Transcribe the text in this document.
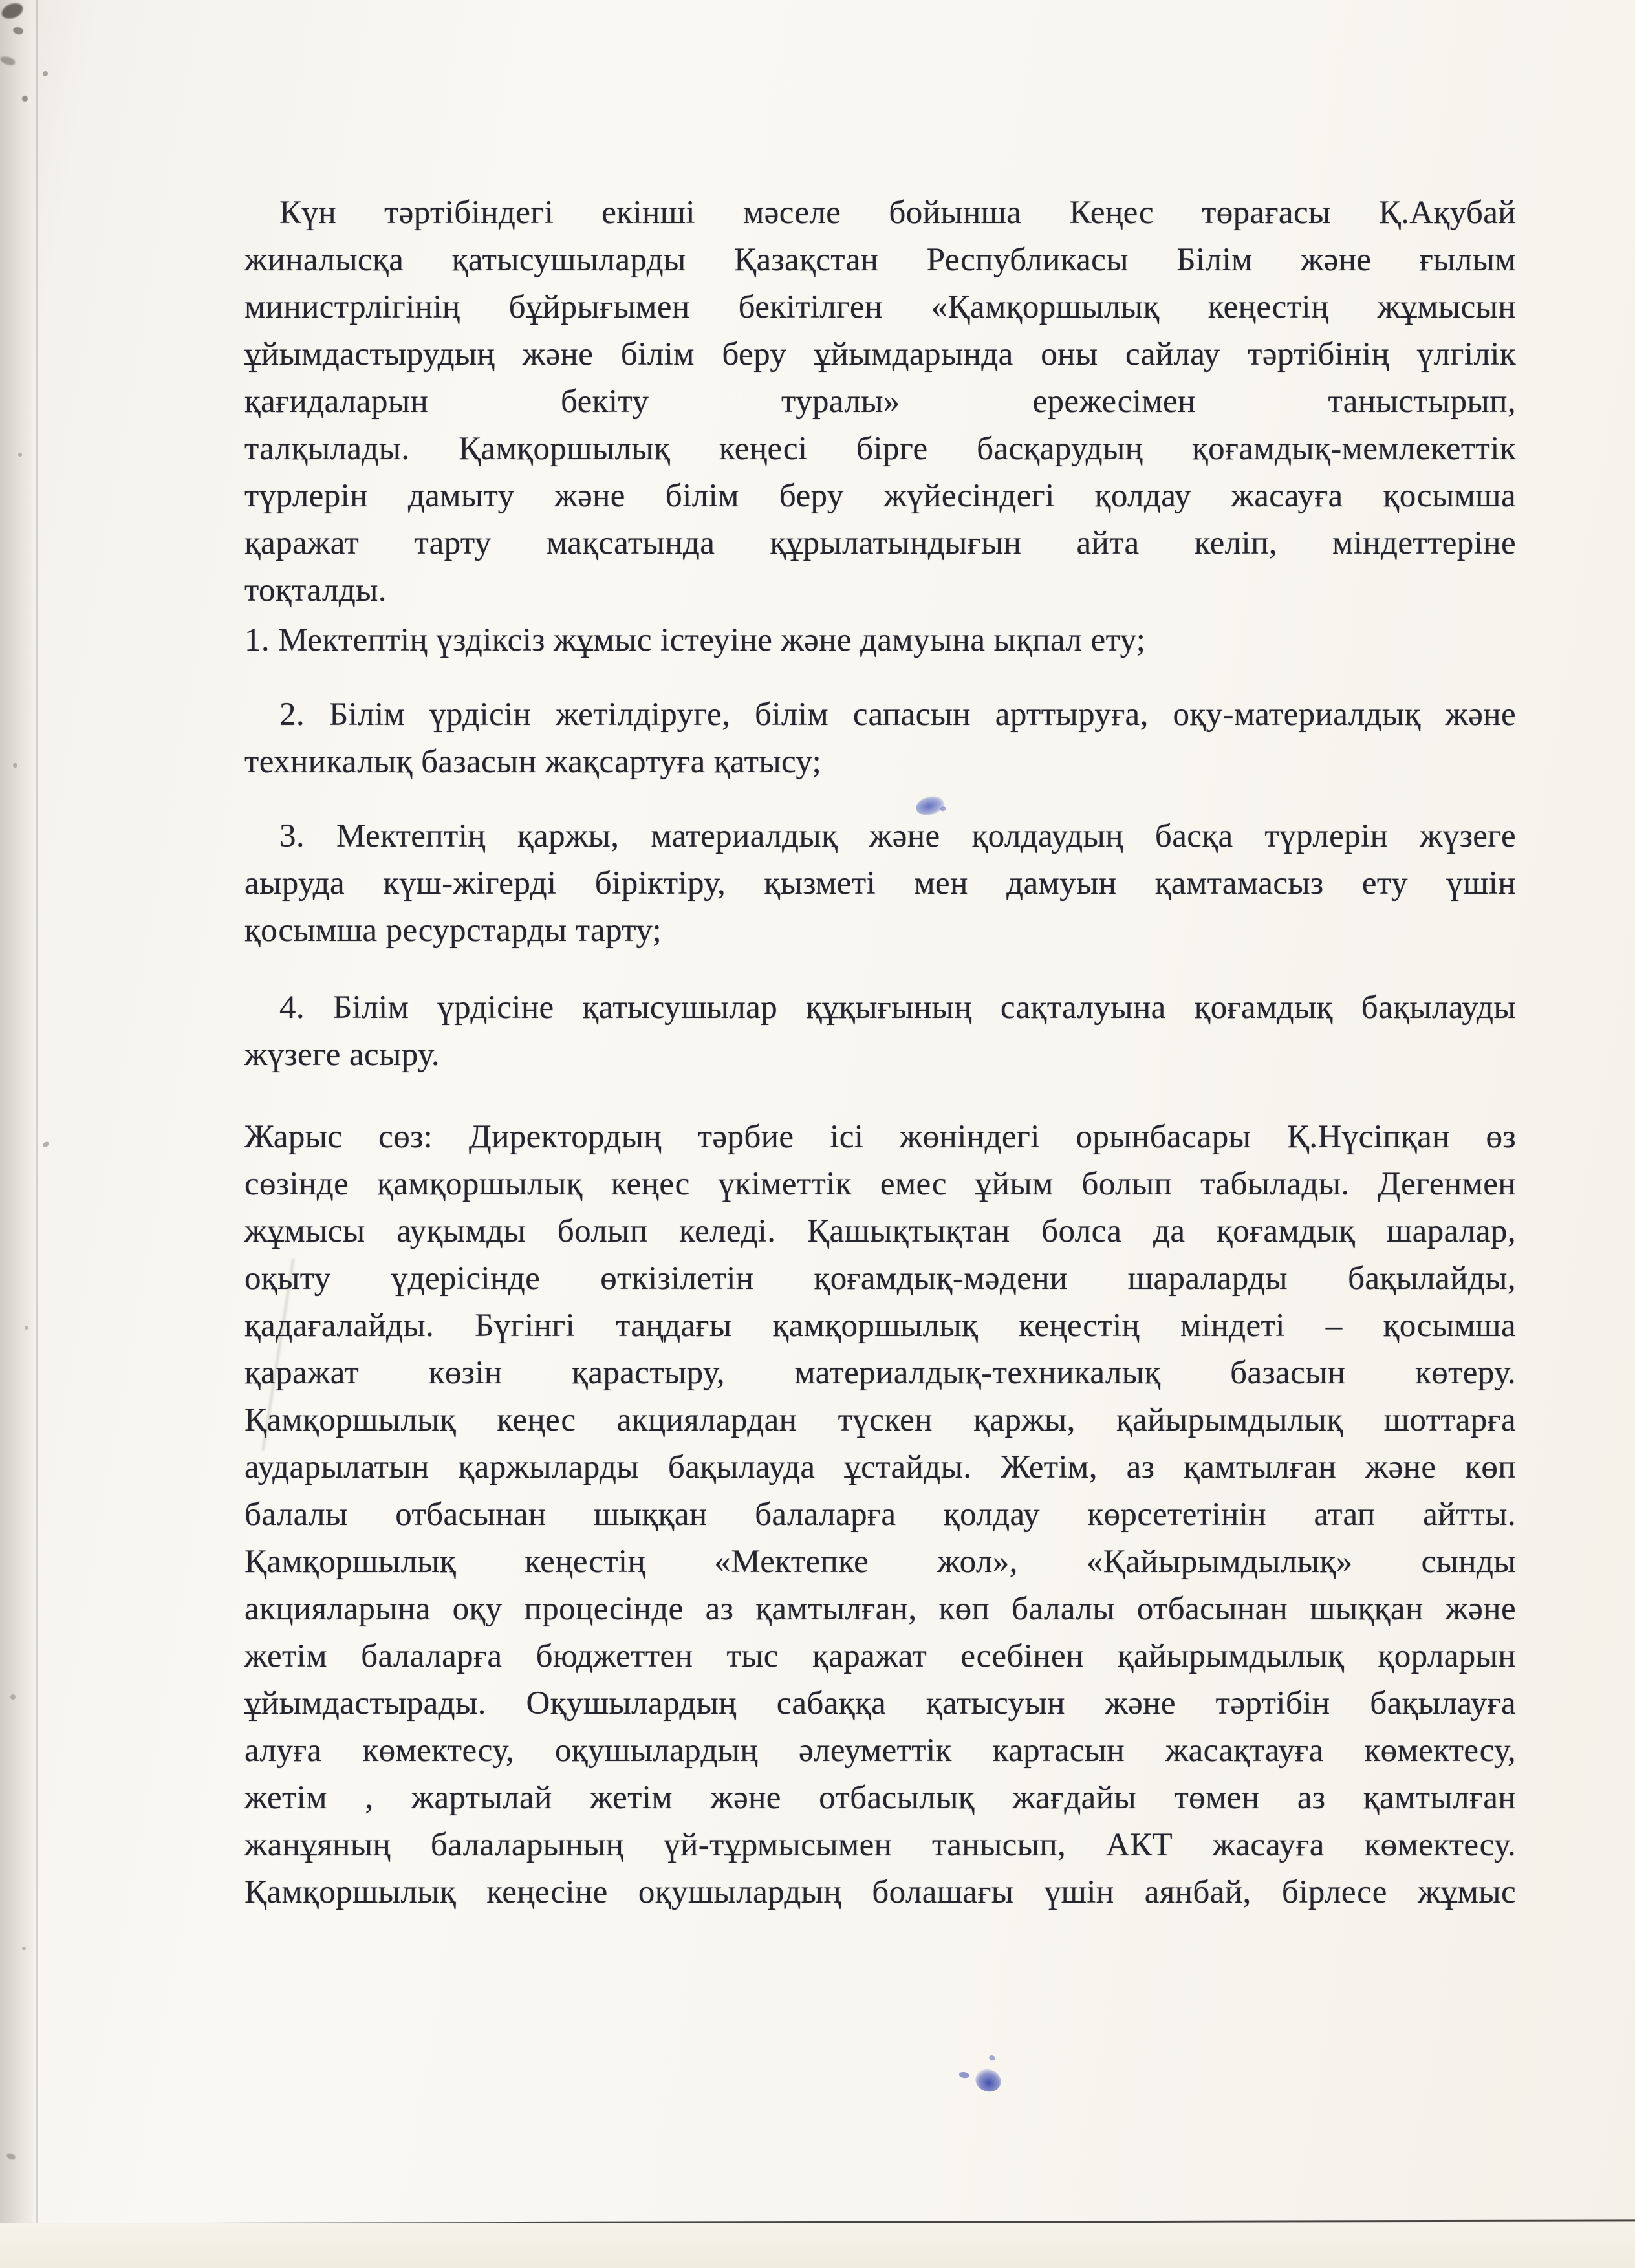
Күн тәртібіндегі екінші мәселе бойынша Кеңес төрағасы Қ.Ақубай
жиналысқа қатысушыларды Қазақстан Республикасы Білім және ғылым
министрлігінің бұйрығымен бекітілген «Қамқоршылық кеңестің жұмысын
ұйымдастырудың және білім беру ұйымдарында оны сайлау тәртібінің үлгілік
қағидаларын бекіту туралы» ережесімен таныстырып,
талқылады. Қамқоршылық кеңесі бірге басқарудың қоғамдық-мемлекеттік
түрлерін дамыту және білім беру жүйесіндегі қолдау жасауға қосымша
қаражат тарту мақсатында құрылатындығын айта келіп, міндеттеріне
тоқталды.
1. Мектептің үздіксіз жұмыс істеуіне және дамуына ықпал ету;
2. Білім үрдісін жетілдіруге, білім сапасын арттыруға, оқу-материалдық және
техникалық базасын жақсартуға қатысу;
3. Мектептің қаржы, материалдық және қолдаудың басқа түрлерін жүзеге
аыруда күш-жігерді біріктіру, қызметі мен дамуын қамтамасыз ету үшін
қосымша ресурстарды тарту;
4. Білім үрдісіне қатысушылар құқығының сақталуына қоғамдық бақылауды
жүзеге асыру.
Жарыс сөз: Директордың тәрбие ісі жөніндегі орынбасары Қ.Нүсіпқан өз
сөзінде қамқоршылық кеңес үкіметтік емес ұйым болып табылады. Дегенмен
жұмысы ауқымды болып келеді. Қашықтықтан болса да қоғамдық шаралар,
оқыту үдерісінде өткізілетін қоғамдық-мәдени шараларды бақылайды,
қадағалайды. Бүгінгі таңдағы қамқоршылық кеңестің міндеті – қосымша
қаражат көзін қарастыру, материалдық-техникалық базасын көтеру.
Қамқоршылық кеңес акциялардан түскен қаржы, қайырымдылық шоттарға
аударылатын қаржыларды бақылауда ұстайды. Жетім, аз қамтылған және көп
балалы отбасынан шыққан балаларға қолдау көрсететінін атап айтты.
Қамқоршылық кеңестің «Мектепке жол», «Қайырымдылық» сынды
акцияларына оқу процесінде аз қамтылған, көп балалы отбасынан шыққан және
жетім балаларға бюджеттен тыс қаражат есебінен қайырымдылық қорларын
ұйымдастырады. Оқушылардың сабаққа қатысуын және тәртібін бақылауға
алуға көмектесу, оқушылардың әлеуметтік картасын жасақтауға көмектесу,
жетім , жартылай жетім және отбасылық жағдайы төмен аз қамтылған
жанұяның балаларының үй-тұрмысымен танысып, АКТ жасауға көмектесу.
Қамқоршылық кеңесіне оқушылардың болашағы үшін аянбай, бірлесе жұмыс
